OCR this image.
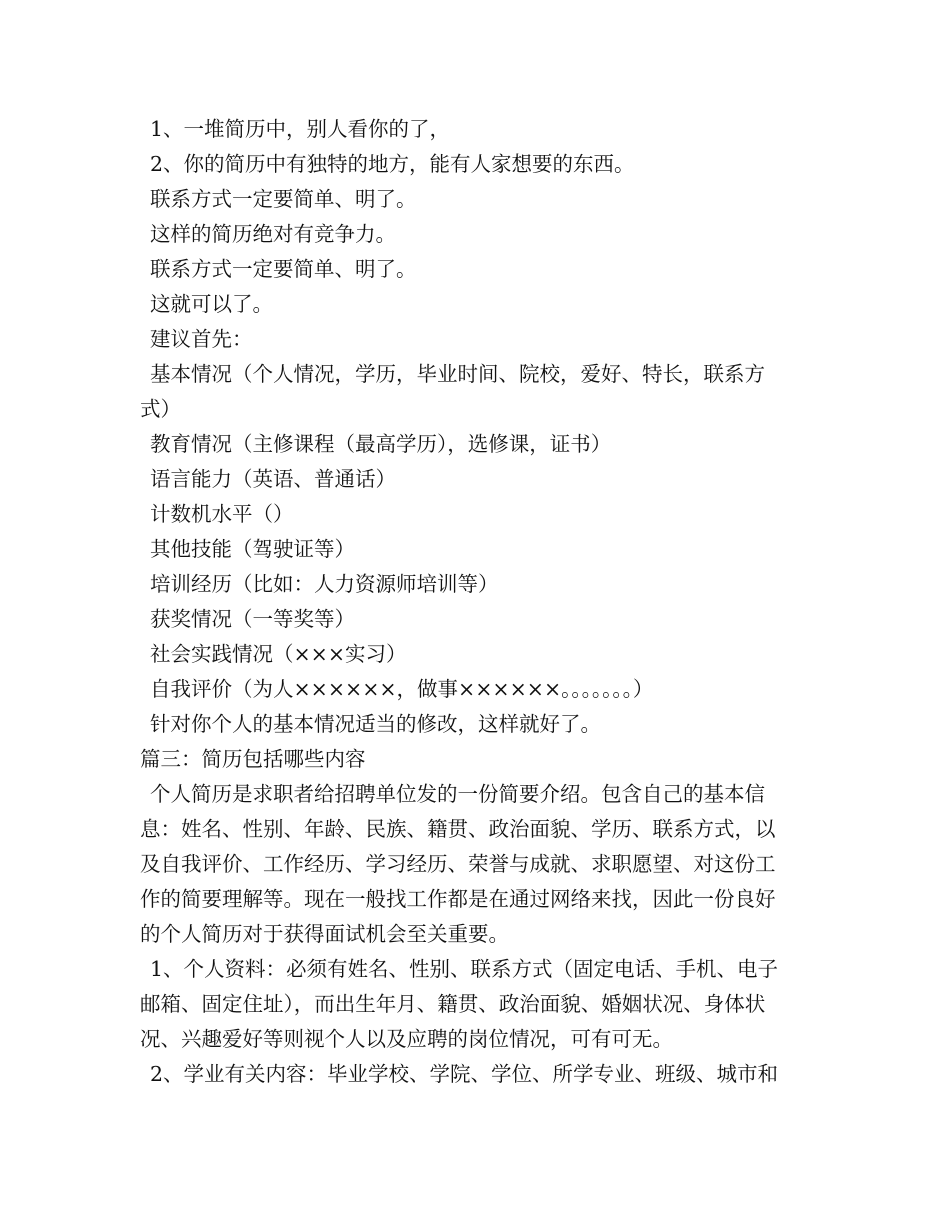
1、一堆简历中，别人看你的了，
2、你的简历中有独特的地方，能有人家想要的东西。
联系方式一定要简单、明了。
这样的简历绝对有竞争力。
联系方式一定要简单、明了。
这就可以了。
建议首先：
基本情况（个人情况，学历，毕业时间、院校，爱好、特长，联系方
式）
教育情况（主修课程（最高学历），选修课，证书）
语言能力（英语、普通话）
计数机水平（）
其他技能（驾驶证等）
培训经历（比如：人力资源师培训等）
获奖情况（一等奖等）
社会实践情况（×××实习）
自我评价（为人××××××，做事××××××。。。。。。。）
针对你个人的基本情况适当的修改，这样就好了。
篇三：简历包括哪些内容
个人简历是求职者给招聘单位发的一份简要介绍。包含自己的基本信
息：姓名、性别、年龄、民族、籍贯、政治面貌、学历、联系方式，以
及自我评价、工作经历、学习经历、荣誉与成就、求职愿望、对这份工
作的简要理解等。现在一般找工作都是在通过网络来找，因此一份良好
的个人简历对于获得面试机会至关重要。
1、个人资料：必须有姓名、性别、联系方式（固定电话、手机、电子
邮箱、固定住址），而出生年月、籍贯、政治面貌、婚姻状况、身体状
况、兴趣爱好等则视个人以及应聘的岗位情况，可有可无。
2、学业有关内容：毕业学校、学院、学位、所学专业、班级、城市和
